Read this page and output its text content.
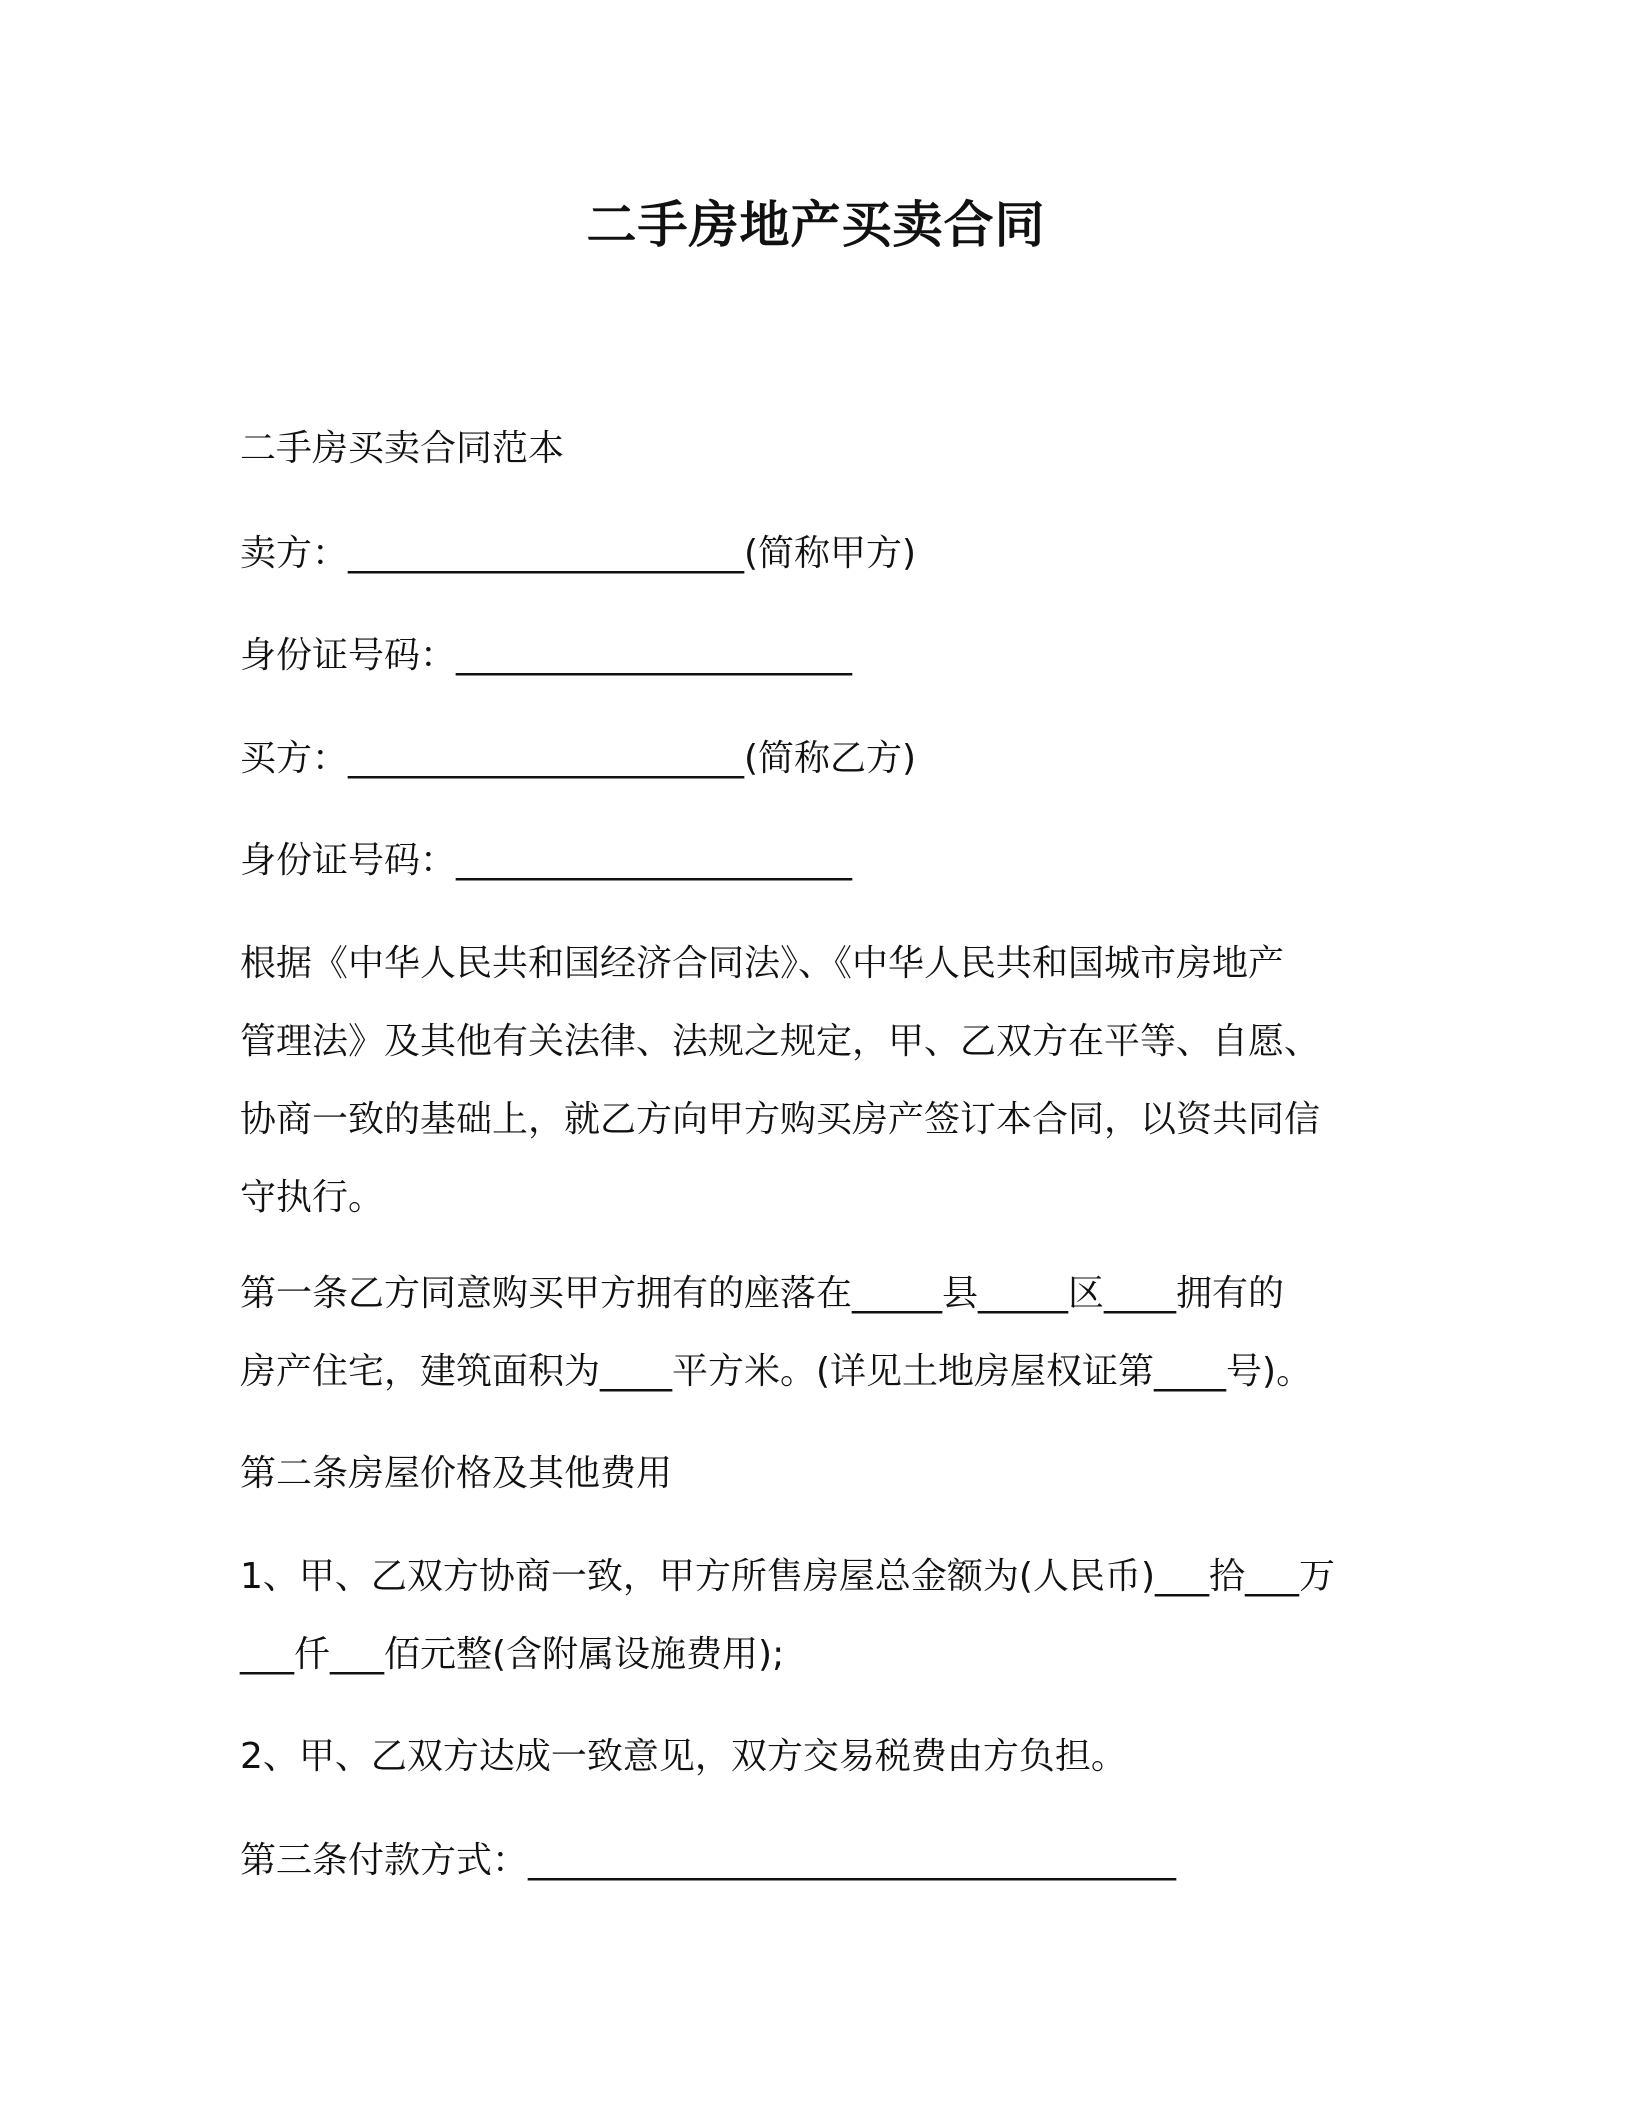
二手房地产买卖合同

二手房买卖合同范本

卖方：______________________(简称甲方)

身份证号码：______________________

买方：______________________(简称乙方)

身份证号码：______________________

根据《中华人民共和国经济合同法》、《中华人民共和国城市房地产
管理法》及其他有关法律、法规之规定，甲、乙双方在平等、自愿、
协商一致的基础上，就乙方向甲方购买房产签订本合同，以资共同信
守执行。
第一条乙方同意购买甲方拥有的座落在_____县_____区____拥有的
房产住宅，建筑面积为____平方米。(详见土地房屋权证第____号)。

第二条房屋价格及其他费用

1、甲、乙双方协商一致，甲方所售房屋总金额为(人民币)___拾___万
___仟___佰元整(含附属设施费用);

2、甲、乙双方达成一致意见，双方交易税费由方负担。

第三条付款方式：____________________________________
